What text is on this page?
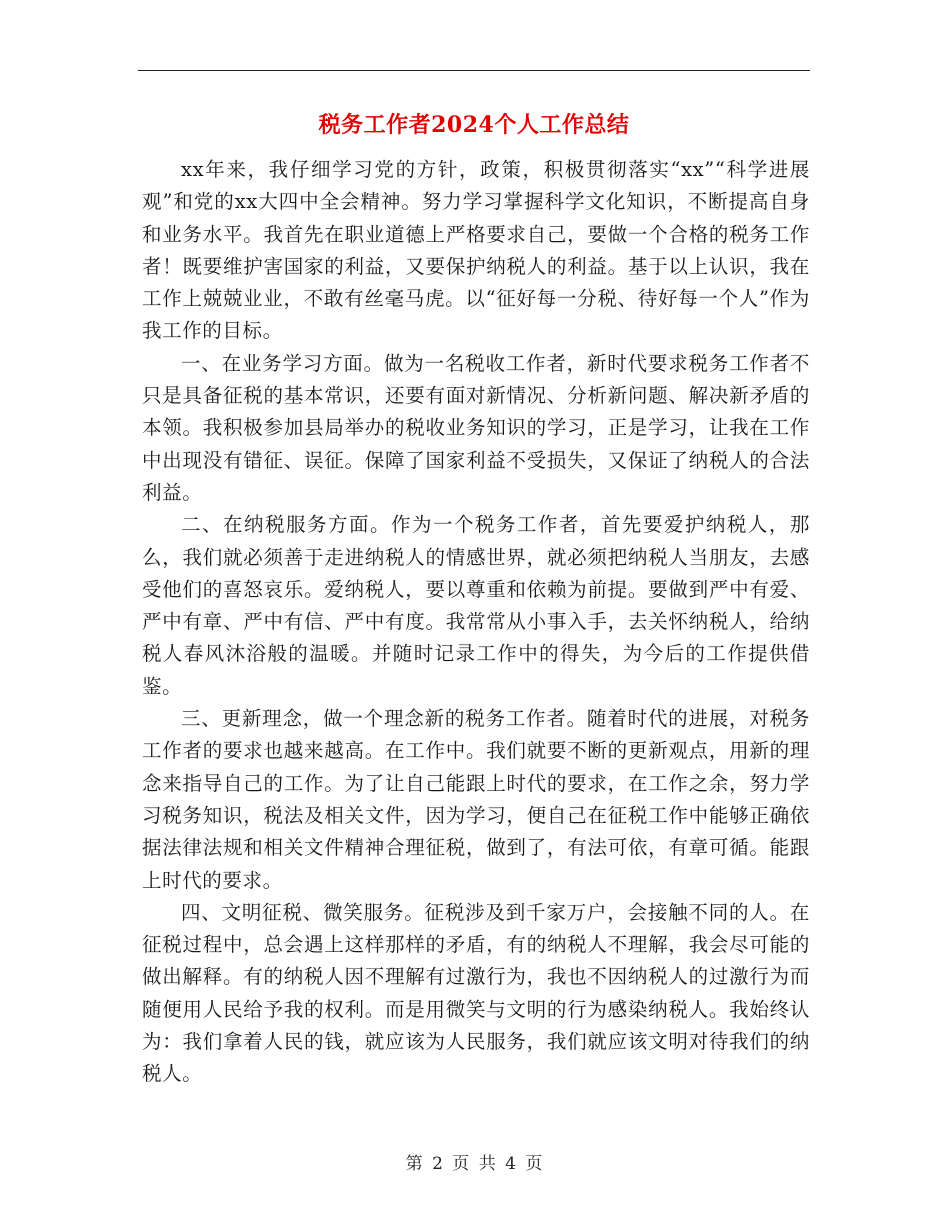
税务工作者2024个人工作总结

xx年来，我仔细学习党的方针，政策，积极贯彻落实“xx”“科学进展观”和党的xx大四中全会精神。努力学习掌握科学文化知识，不断提高自身和业务水平。我首先在职业道德上严格要求自己，要做一个合格的税务工作者！既要维护害国家的利益，又要保护纳税人的利益。基于以上认识，我在工作上兢兢业业，不敢有丝毫马虎。以“征好每一分税、待好每一个人”作为我工作的目标。

一、在业务学习方面。做为一名税收工作者，新时代要求税务工作者不只是具备征税的基本常识，还要有面对新情况、分析新问题、解决新矛盾的本领。我积极参加县局举办的税收业务知识的学习，正是学习，让我在工作中出现没有错征、误征。保障了国家利益不受损失，又保证了纳税人的合法利益。

二、在纳税服务方面。作为一个税务工作者，首先要爱护纳税人，那么，我们就必须善于走进纳税人的情感世界，就必须把纳税人当朋友，去感受他们的喜怒哀乐。爱纳税人，要以尊重和依赖为前提。要做到严中有爱、严中有章、严中有信、严中有度。我常常从小事入手，去关怀纳税人，给纳税人春风沐浴般的温暖。并随时记录工作中的得失，为今后的工作提供借鉴。

三、更新理念，做一个理念新的税务工作者。随着时代的进展，对税务工作者的要求也越来越高。在工作中。我们就要不断的更新观点，用新的理念来指导自己的工作。为了让自己能跟上时代的要求，在工作之余，努力学习税务知识，税法及相关文件，因为学习，便自己在征税工作中能够正确依据法律法规和相关文件精神合理征税，做到了，有法可依，有章可循。能跟上时代的要求。

四、文明征税、微笑服务。征税涉及到千家万户，会接触不同的人。在征税过程中，总会遇上这样那样的矛盾，有的纳税人不理解，我会尽可能的做出解释。有的纳税人因不理解有过激行为，我也不因纳税人的过激行为而随便用人民给予我的权利。而是用微笑与文明的行为感染纳税人。我始终认为：我们拿着人民的钱，就应该为人民服务，我们就应该文明对待我们的纳税人。

第 2 页 共 4 页
